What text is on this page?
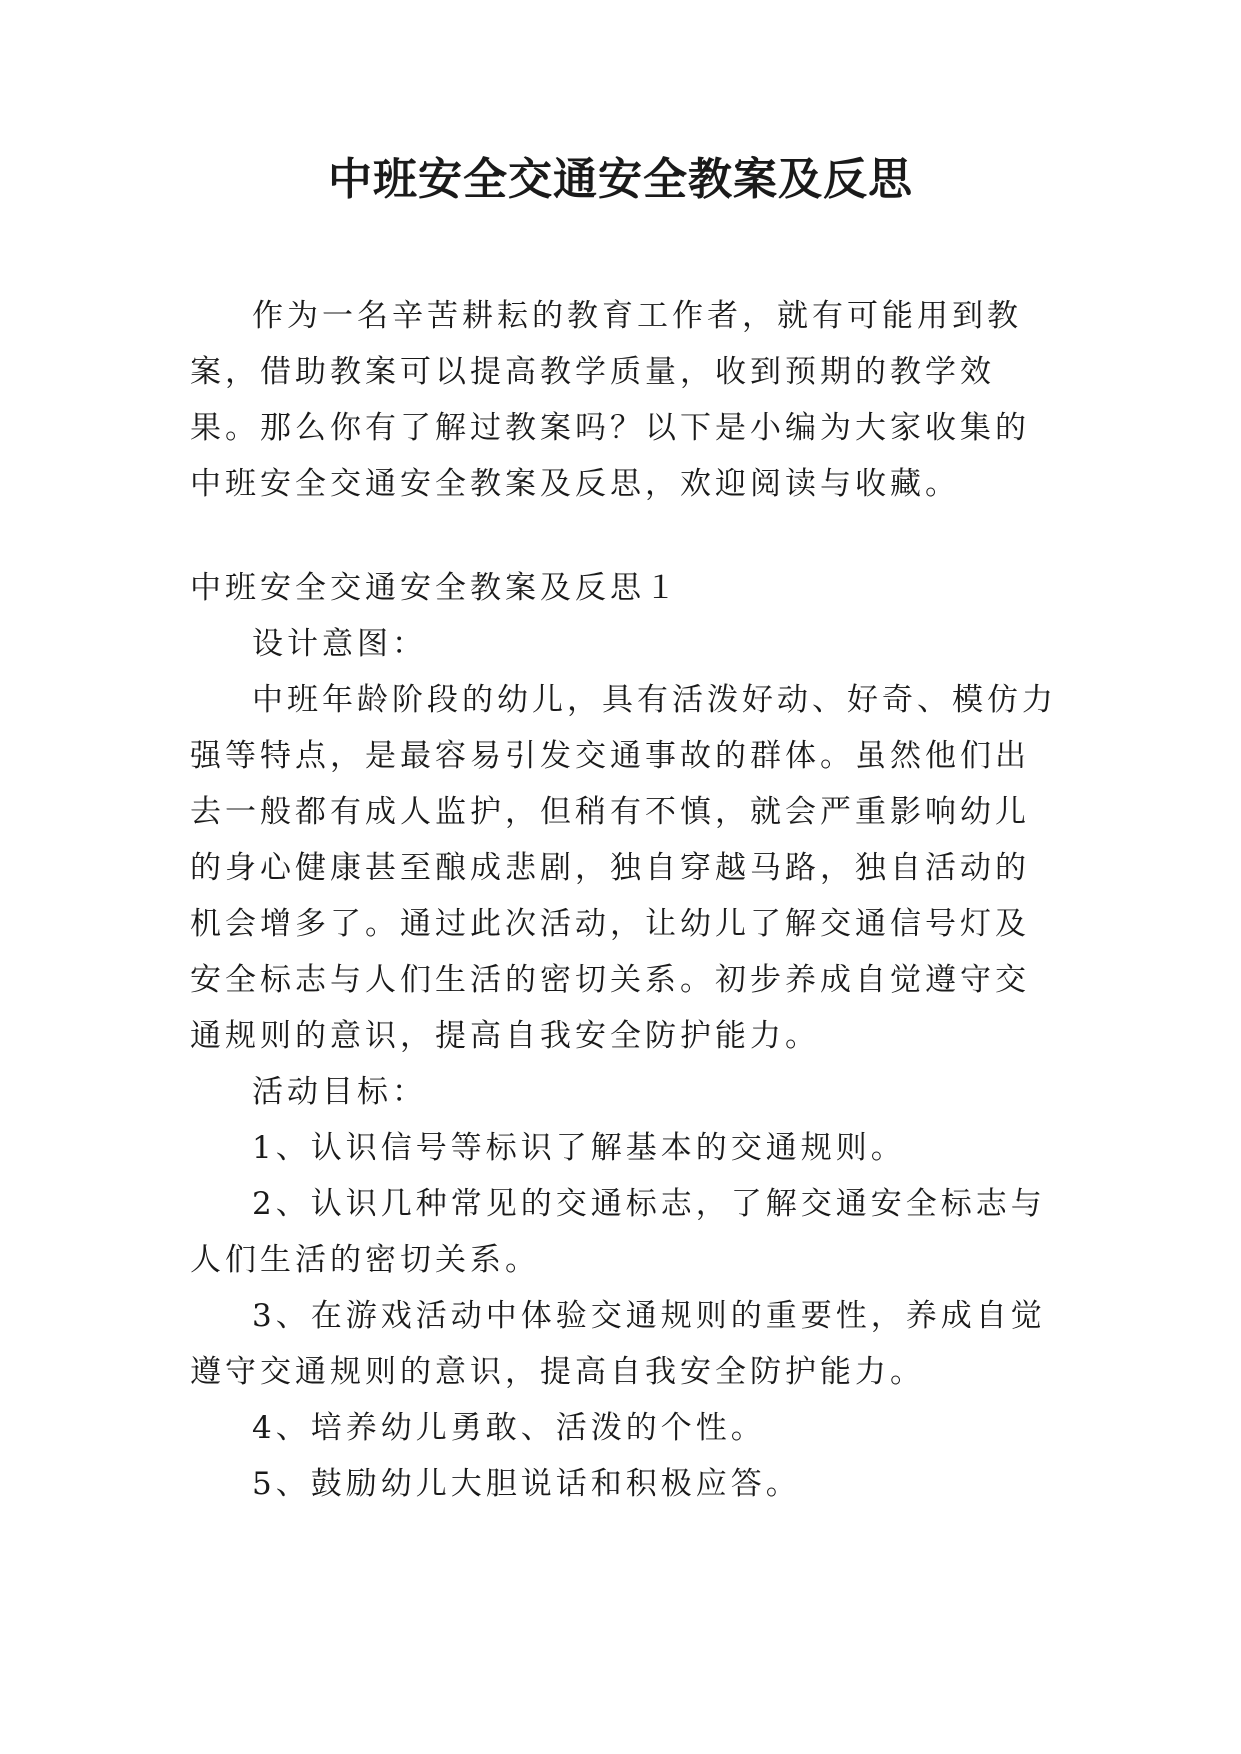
中班安全交通安全教案及反思

作为一名辛苦耕耘的教育工作者，就有可能用到教案，借助教案可以提高教学质量，收到预期的教学效果。那么你有了解过教案吗？以下是小编为大家收集的中班安全交通安全教案及反思，欢迎阅读与收藏。

中班安全交通安全教案及反思１

设计意图：

中班年龄阶段的幼儿，具有活泼好动、好奇、模仿力强等特点，是最容易引发交通事故的群体。虽然他们出去一般都有成人监护，但稍有不慎，就会严重影响幼儿的身心健康甚至酿成悲剧，独自穿越马路，独自活动的机会增多了。通过此次活动，让幼儿了解交通信号灯及安全标志与人们生活的密切关系。初步养成自觉遵守交通规则的意识，提高自我安全防护能力。

活动目标：

1、认识信号等标识了解基本的交通规则。

2、认识几种常见的交通标志，了解交通安全标志与人们生活的密切关系。

3、在游戏活动中体验交通规则的重要性，养成自觉遵守交通规则的意识，提高自我安全防护能力。

4、培养幼儿勇敢、活泼的个性。

5、鼓励幼儿大胆说话和积极应答。
